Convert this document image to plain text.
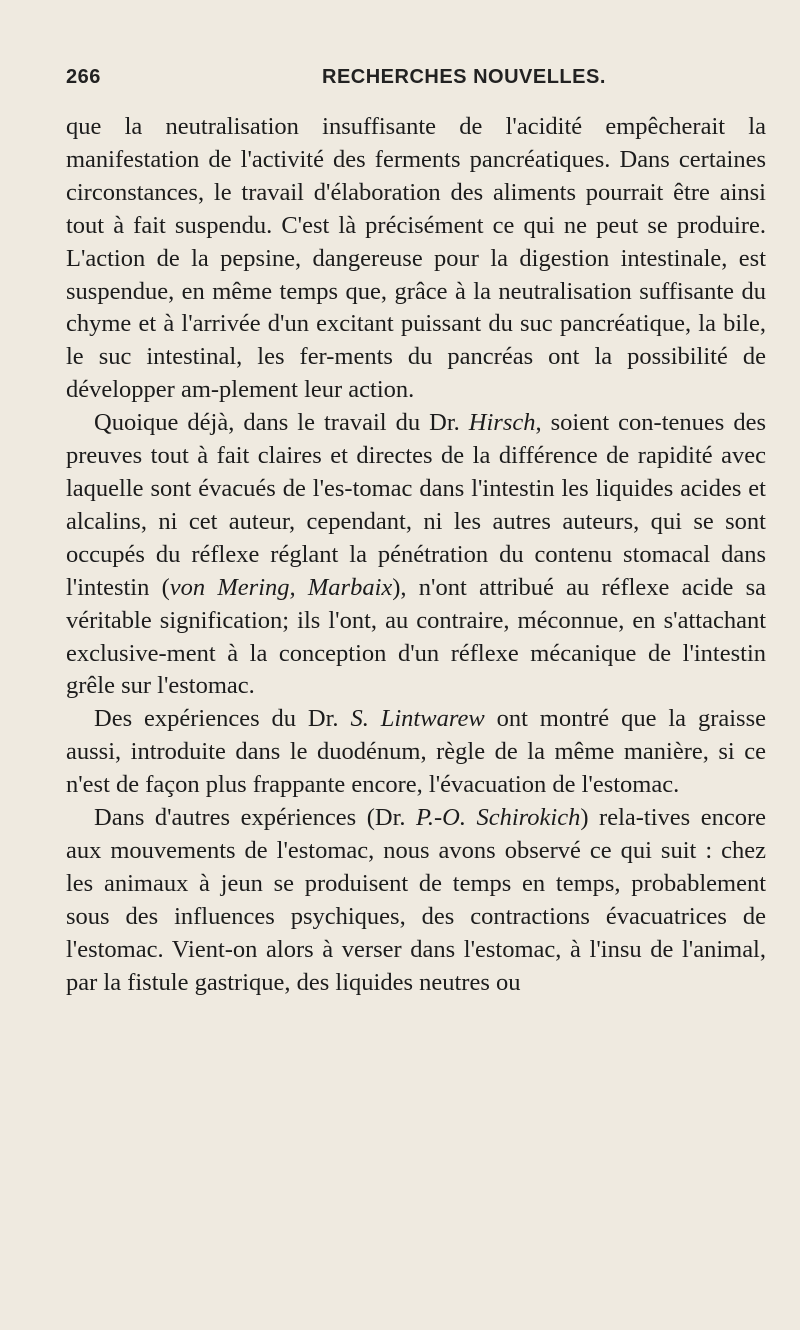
266	RECHERCHES NOUVELLES.

que la neutralisation insuffisante de l'acidité empêcherait la manifestation de l'activité des ferments pancréatiques. Dans certaines circonstances, le travail d'élaboration des aliments pourrait être ainsi tout à fait suspendu. C'est là précisément ce qui ne peut se produire. L'action de la pepsine, dangereuse pour la digestion intestinale, est suspendue, en même temps que, grâce à la neutralisation suffisante du chyme et à l'arrivée d'un excitant puissant du suc pancréatique, la bile, le suc intestinal, les fer-ments du pancréas ont la possibilité de développer am-plement leur action.

Quoique déjà, dans le travail du Dr. Hirsch, soient con-tenues des preuves tout à fait claires et directes de la différence de rapidité avec laquelle sont évacués de l'es-tomac dans l'intestin les liquides acides et alcalins, ni cet auteur, cependant, ni les autres auteurs, qui se sont occupés du réflexe réglant la pénétration du contenu stomacal dans l'intestin (von Mering, Marbaix), n'ont attribué au réflexe acide sa véritable signification; ils l'ont, au contraire, méconnue, en s'attachant exclusive-ment à la conception d'un réflexe mécanique de l'intestin grêle sur l'estomac.

Des expériences du Dr. S. Lintwarew ont montré que la graisse aussi, introduite dans le duodénum, règle de la même manière, si ce n'est de façon plus frappante encore, l'évacuation de l'estomac.

Dans d'autres expériences (Dr. P.-O. Schirokich) rela-tives encore aux mouvements de l'estomac, nous avons observé ce qui suit : chez les animaux à jeun se produisent de temps en temps, probablement sous des influences psychiques, des contractions évacuatrices de l'estomac. Vient-on alors à verser dans l'estomac, à l'insu de l'animal, par la fistule gastrique, des liquides neutres ou
